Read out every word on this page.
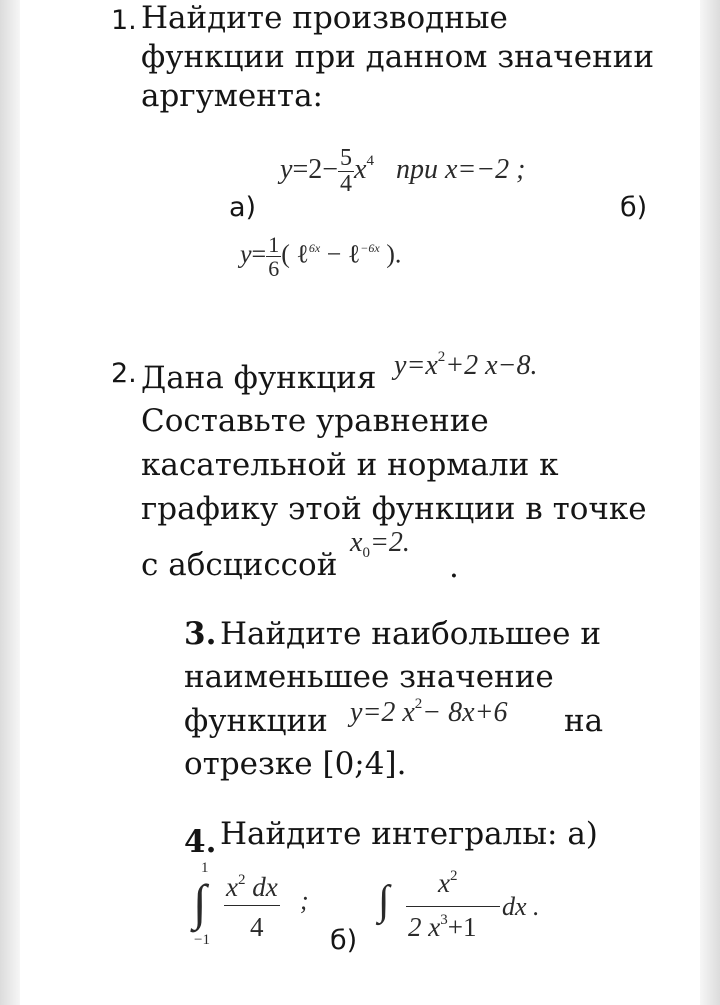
1. Найдите производные
функции при данном значении
аргумента:
$y=2- \frac{5}{4} x^4$ при x=−2 ;
а)	б)
$y= \frac{1}{6}$ ( ℓ$^{6x}$ − ℓ$^{-6x}$ ).
2. Дана функция $y=x^2+2$ x−8.
Составьте уравнение
касательной и нормали к
графику этой функции в точке
с абсциссой
$x_0=2$.
.
3. Найдите наибольшее и
наименьшее значение
функции y=2 $x^2- 8x+6$ на
отрезке [0;4].
4. Найдите интегралы: а)
1
∫
−1
$x^2$ dx
4
;
б)
∫ $x^2$
2 $x^3+1$
dx .
